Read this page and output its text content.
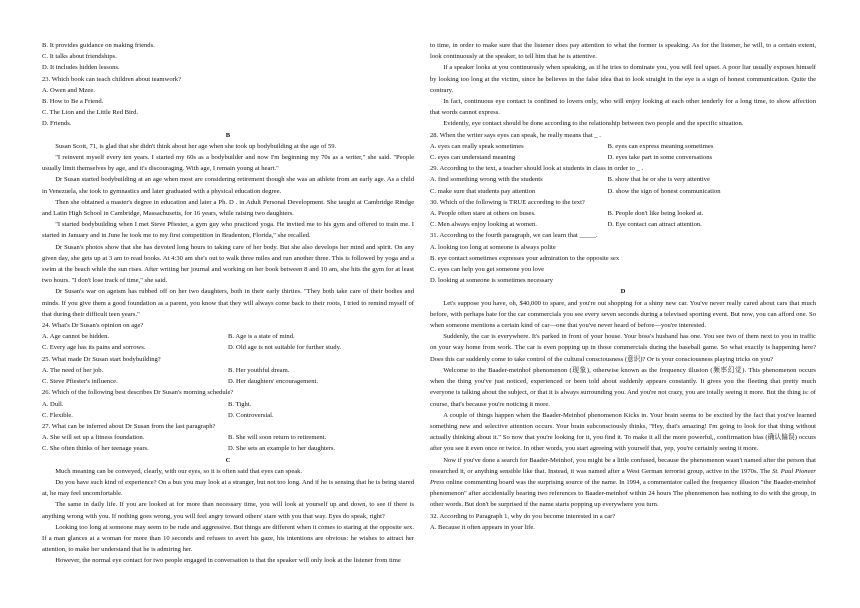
B. It provides guidance on making friends.
C. It talks about friendships.
D. It includes hidden lessons.
23. Which book can teach children about teamwork?
A. Owen and Mzee.
B. How to Be a Friend.
C. The Lion and the Little Red Bird.
D. Friends.
B

Susan Scott, 71, is glad that she didn't think about her age when she took up bodybuilding at the age of 59.

"I reinvent myself every ten years. I started my 60s as a bodybuilder and now I'm beginning my 70s as a writer," she said. "People usually limit themselves by age, and it's discouraging. With age, I remain young at heart."

Dr Susan started bodybuilding at an age when most are considering retirement though she was an athlete from an early age. As a child in Venezuela, she took to gymnastics and later graduated with a physical education degree.

Then she obtained a master's degree in education and later a Ph. D . in Adult Personal Development. She taught at Cambridge Rindge and Latin High School in Cambridge, Massachusetts, for 16 years, while raising two daughters.

"I started bodybuilding when I met Steve Pfiester, a gym guy who practiced yoga. He invited me to his gym and offered to train me. I started in January and in June he took me to my first competition in Bradenton, Florida," she recalled.

Dr Susan's photos show that she has devoted long hours to taking care of her body. But she also develops her mind and spirit. On any given day, she gets up at 3 am to read books. At 4:30 am she's out to walk three miles and run another three. This is followed by yoga and a swim at the beach while the sun rises. After writing her journal and working on her book between 8 and 10 am, she hits the gym for at least two hours. "I don't lose track of time," she said.

Dr Susan's war on ageism has rubbed off on her two daughters, both in their early thirties. "They both take care of their bodies and minds. If you give them a good foundation as a parent, you know that they will always come back to their roots, I tried to remind myself of that during their difficult teen years."

24. What's Dr Susan's opinion on age?
A. Age cannot be hidden.	B. Age is a state of mind.
C. Every age has its pains and sorrows.	D. Old age is not suitable for further study.
25. What made Dr Susan start bodybuilding?
A. The need of her job.	B. Her youthful dream.
C. Steve Pfiester's influence.	D. Her daughters' encouragement.
26. Which of the following best describes Dr Susan's morning schedule?
A. Dull.	B. Tight.
C. Flexible.	D. Controversial.
27. What can be inferred about Dr Susan from the last paragraph?
A. She will set up a fitness foundation.	B. She will soon return to retirement.
C. She often thinks of her teenage years.	D. She sets an example to her daughters.
C

Much meaning can be conveyed, clearly, with our eyes, so it is often said that eyes can speak.

Do you have such kind of experience? On a bus you may look at a stranger, but not too long. And if he is sensing that he is being stared at, he may feel uncomfortable.

The same in daily life. If you are looked at for more than necessary time, you will look at yourself up and down, to see if there is anything wrong with you. If nothing goes wrong, you will feel angry toward others' stare with you that way. Eyes do speak, right?

Looking too long at someone may seem to be rude and aggressive. But things are different when it comes to staring at the opposite sex. If a man glances at a woman for more than 10 seconds and refuses to avert his gaze, his intentions are obvious: he wishes to attract her attention, to make her understand that he is admiring her.

However, the normal eye contact for two people engaged in conversation is that the speaker will only look at the listener from time

to time, in order to make sure that the listener does pay attention to what the former is speaking. As for the listener, he will, to a certain extent, look continuously at the speaker, to tell him that he is attentive.

If a speaker looks at you continuously when speaking, as if he tries to dominate you, you will feel upset. A poor liar usually exposes himself by looking too long at the victim, since he believes in the false idea that to look straight in the eye is a sign of honest communication. Quite the contrary.

In fact, continuous eye contact is confined to lovers only, who will enjoy looking at each other tenderly for a long time, to show affection that words cannot express.

Evidently, eye contact should be done according to the relationship between two people and the specific situation.

28. When the writer says eyes can speak, he really means that _ .
A. eyes can really speak sometimes	B. eyes can express meaning sometimes
C. eyes can understand meaning	D. eyes take part in some conversations
29. According to the text, a teacher should look at students in class in order to _ .
A. find something wrong with the students	B. show that he or she is very attentive
C. make sure that students pay attention	D. show the sign of honest communication
30. Which of the following is TRUE according to the text?
A. People often stare at others on buses.	B. People don't like being looked at.
C. Men always enjoy looking at women.	D. Eye contact can attract attention.
31. According to the fourth paragraph, we can learn that _____.
A. looking too long at someone is always polite
B. eye contact sometimes expresses your admiration to the opposite sex
C. eyes can help you get someone you love
D. looking at someone is sometimes necessary
D

Let's suppose you have, oh, $40,000 to spare, and you're out shopping for a shiny new car. You've never really cared about cars that much before, with perhaps hate for the car commercials you see every seven seconds during a televised sporting event. But now, you can afford one. So when someone mentions a certain kind of car—one that you've never heard of before—you're interested.

Suddenly, the car is everywhere. It's parked in front of your house. Your boss's husband has one. You see two of them next to you in traffic on your way home from work. The car is even popping up in those commercials during the baseball game. So what exactly is happening here? Does this car suddenly come to take control of the cultural consciousness (意识)? Or is your consciousness playing tricks on you?

Welcome to the Baader-meinhof phenomenon (现象), otherwise known as the frequency illusion (频率幻觉). This phenomenon occurs when the thing you've just noticed, experienced or been told about suddenly appears constantly. It gives you the fleeting that pretty much everyone is talking about the subject, or that it is always surrounding you. And you're not crazy, you are totally seeing it more. But the thing is: of course, that's because you're noticing it more.

A couple of things happen when the Baader-Meinhof phenomenon Kicks in. Your brain seems to be excited by the fact that you've learned something new and selective attention occurs. Your brain subconsciously thinks, "Hey, that's amazing! I'm going to look for that thing without actually thinking about it." So now that you're looking for it, you find it. To make it all the more powerful,, confirmation bias (确认偏误) occurs after you see it even once or twice. In other words, you start agreeing with yourself that, yep, you're certainly seeing it more.

Now if you've done a search for Baader-Meinhof, you might be a little confused, because the phenomenon wasn't named after the person that researched it, or anything sensible like that. Instead, it was named after a West German terrorist group, active in the 1970s. The St. Paul Pioneer Press online commenting board was the surprising source of the name. In 1994, a commentator called the frequency illusion "the Baader-meinhof phenomenon" after accidentally hearing two references to Baader-meinhof within 24 hours The phenomenon has nothing to do with the group, in other words. But don't be surprised if the name starts popping up everywhere you turn.

32. According to Paragraph 1, why do you become interested in a car?
A. Because it often appears in your life.
